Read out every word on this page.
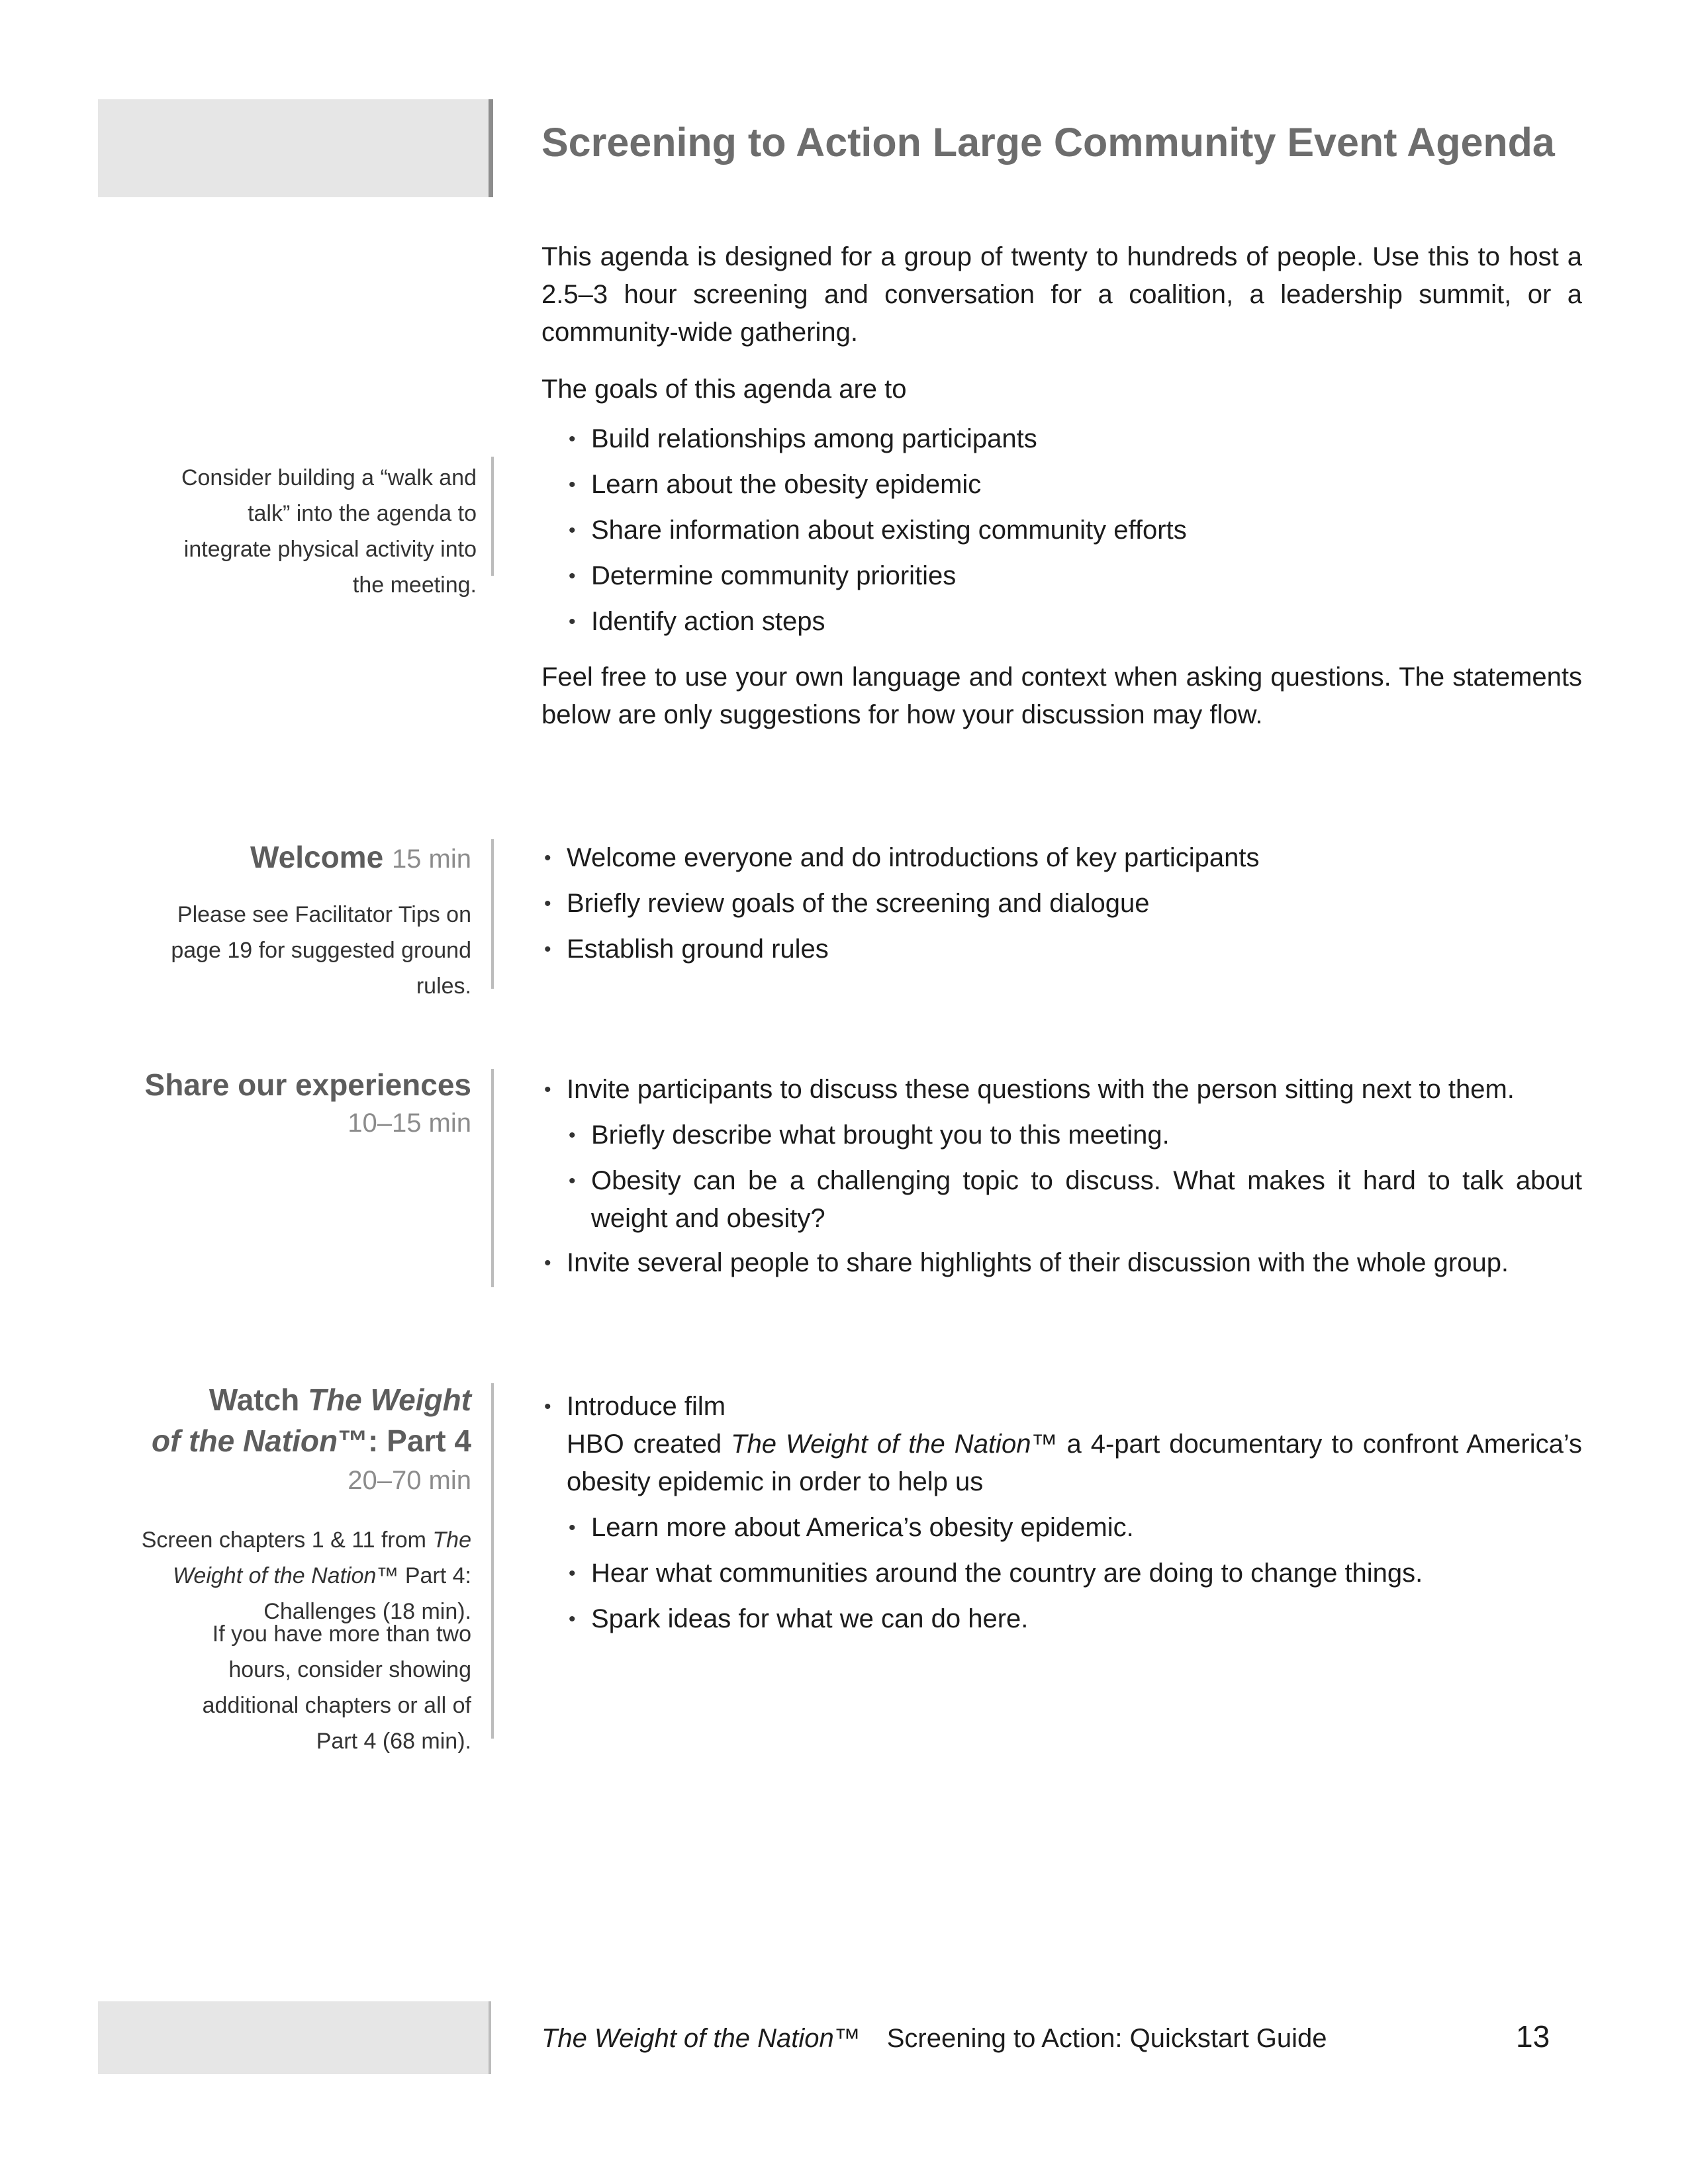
Screening to Action Large Community Event Agenda
This agenda is designed for a group of twenty to hundreds of people. Use this to host a 2.5–3 hour screening and conversation for a coalition, a leadership summit, or a community-wide gathering.
The goals of this agenda are to
• Build relationships among participants
• Learn about the obesity epidemic
• Share information about existing community efforts
• Determine community priorities
• Identify action steps
Feel free to use your own language and context when asking questions. The statements below are only suggestions for how your discussion may flow.
Consider building a “walk and talk” into the agenda to integrate physical activity into the meeting.
Welcome 15 min
Please see Facilitator Tips on page 19 for suggested ground rules.
• Welcome everyone and do introductions of key participants
• Briefly review goals of the screening and dialogue
• Establish ground rules
Share our experiences
10–15 min
• Invite participants to discuss these questions with the person sitting next to them.
• Briefly describe what brought you to this meeting.
• Obesity can be a challenging topic to discuss. What makes it hard to talk about weight and obesity?
• Invite several people to share highlights of their discussion with the whole group.
Watch The Weight
of the Nation™: Part 4
20–70 min
Screen chapters 1 & 11 from The Weight of the Nation™ Part 4: Challenges (18 min).
If you have more than two hours, consider showing additional chapters or all of Part 4 (68 min).
• Introduce film

HBO created The Weight of the Nation™ a 4-part documentary to confront America’s obesity epidemic in order to help us
• Learn more about America’s obesity epidemic.
• Hear what communities around the country are doing to change things.
• Spark ideas for what we can do here.
The Weight of the Nation™ Screening to Action: Quickstart Guide	13
